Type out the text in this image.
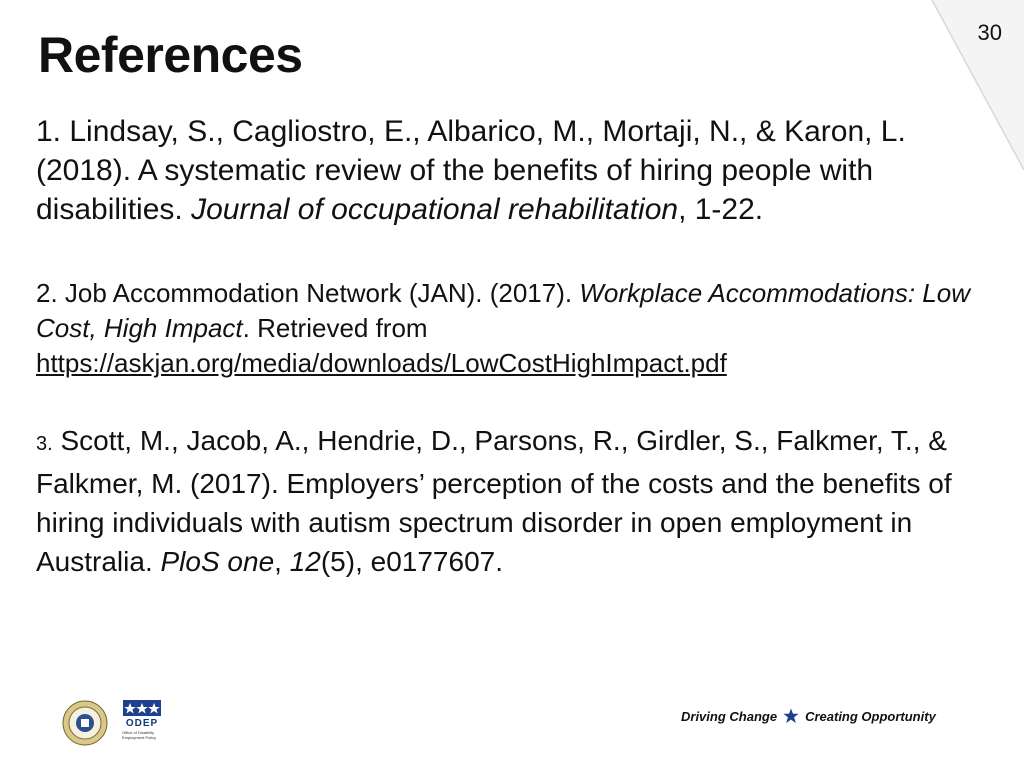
30
References

1. Lindsay, S., Cagliostro, E., Albarico, M., Mortaji, N., & Karon, L. (2018). A systematic review of the benefits of hiring people with disabilities. Journal of occupational rehabilitation, 1-22.

2. Job Accommodation Network (JAN). (2017). Workplace Accommodations: Low Cost, High Impact. Retrieved from
https://askjan.org/media/downloads/LowCostHighImpact.pdf

3. Scott, M., Jacob, A., Hendrie, D., Parsons, R., Girdler, S., Falkmer, T., & Falkmer, M. (2017). Employers’ perception of the costs and the benefits of hiring individuals with autism spectrum disorder in open employment in Australia. PloS one, 12(5), e0177607.

ODEP
Office of Disability Employment Policy
Driving Change Creating Opportunity
